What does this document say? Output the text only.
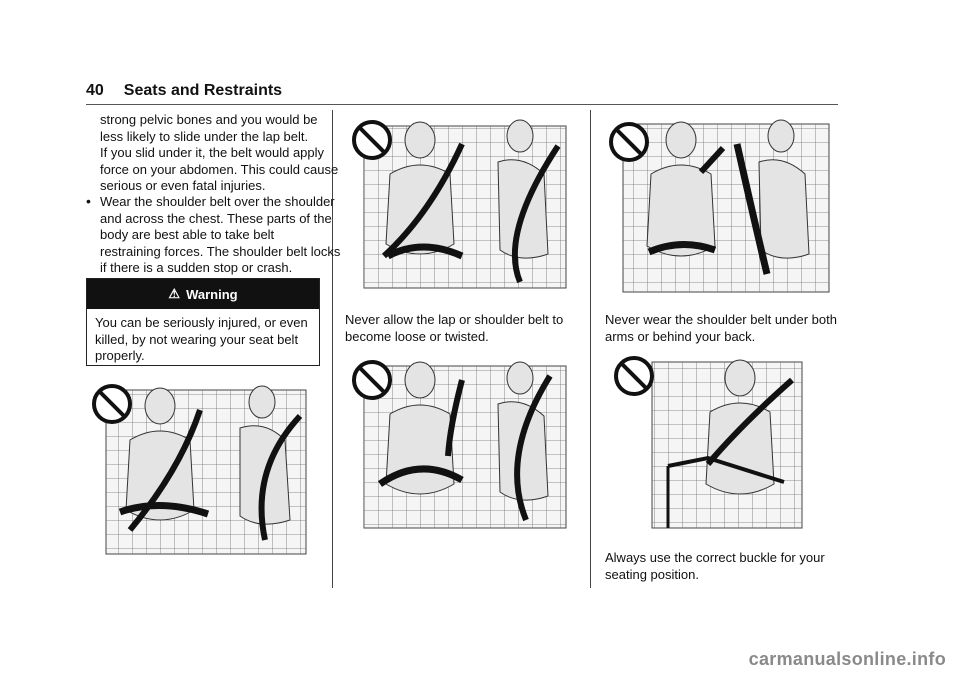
40 Seats and Restraints
strong pelvic bones and you would be
less likely to slide under the lap belt.
If you slid under it, the belt would apply
force on your abdomen. This could cause
serious or even fatal injuries.
• Wear the shoulder belt over the shoulder
and across the chest. These parts of the
body are best able to take belt
restraining forces. The shoulder belt locks
if there is a sudden stop or crash.
⚠ Warning
You can be seriously injured, or even
killed, by not wearing your seat belt
properly.
Never allow the lap or shoulder belt to
become loose or twisted.
Never wear the shoulder belt under both
arms or behind your back.
Always use the correct buckle for your
seating position.
carmanualsonline.info
